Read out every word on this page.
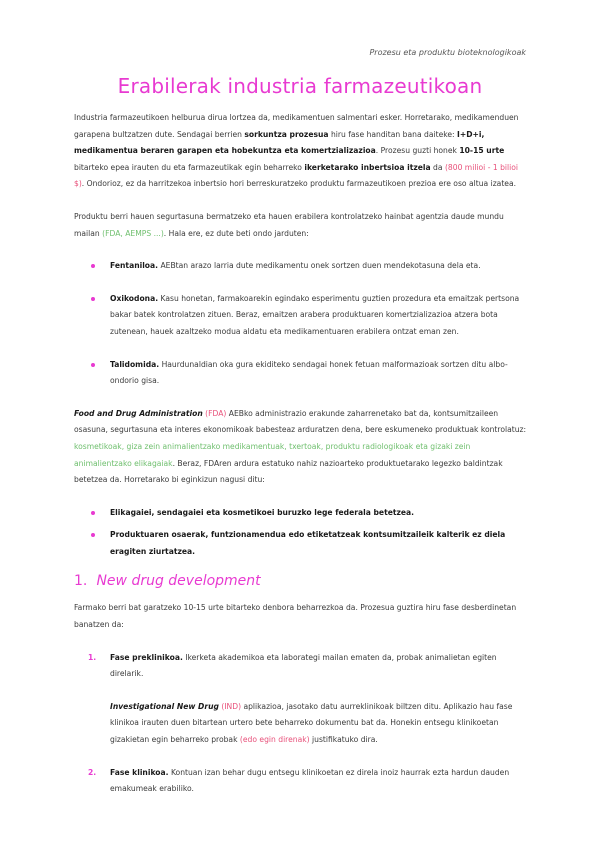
Prozesu eta produktu bioteknologikoak
Erabilerak industria farmazeutikoan

Industria farmazeutikoen helburua dirua lortzea da, medikamentuen salmentari esker. Horretarako, medikamenduen garapena bultzatzen dute. Sendagai berrien sorkuntza prozesua hiru fase handitan bana daiteke: I+D+i, medikamentua beraren garapen eta hobekuntza eta komertzializazioa. Prozesu guzti honek 10-15 urte bitarteko epea irauten du eta farmazeutikak egin beharreko ikerketarako inbertsioa itzela da (800 milioi - 1 bilioi $). Ondorioz, ez da harritzekoa inbertsio hori berreskuratzeko produktu farmazeutikoen prezioa ere oso altua izatea.

Produktu berri hauen segurtasuna bermatzeko eta hauen erabilera kontrolatzeko hainbat agentzia daude mundu mailan (FDA, AEMPS ...). Hala ere, ez dute beti ondo jarduten:

Fentaniloa. AEBtan arazo larria dute medikamentu onek sortzen duen mendekotasuna dela eta.

Oxikodona. Kasu honetan, farmakoarekin egindako esperimentu guztien prozedura eta emaitzak pertsona bakar batek kontrolatzen zituen. Beraz, emaitzen arabera produktuaren komertzializazioa atzera bota zutenean, hauek azaltzeko modua aldatu eta medikamentuaren erabilera ontzat eman zen.

Talidomida. Haurdunaldian oka gura ekiditeko sendagai honek fetuan malformazioak sortzen ditu albo-ondorio gisa.

Food and Drug Administration (FDA) AEBko administrazio erakunde zaharrenetako bat da, kontsumitzaileen osasuna, segurtasuna eta interes ekonomikoak babesteaz arduratzen dena, bere eskumeneko produktuak kontrolatuz: kosmetikoak, giza zein animalientzako medikamentuak, txertoak, produktu radiologikoak eta gizaki zein animalientzako elikagaiak. Beraz, FDAren ardura estatuko nahiz nazioarteko produktuetarako legezko baldintzak betetzea da. Horretarako bi eginkizun nagusi ditu:

Elikagaiei, sendagaiei eta kosmetikoei buruzko lege federala betetzea.

Produktuaren osaerak, funtzionamendua edo etiketatzeak kontsumitzaileik kalterik ez diela eragiten ziurtatzea.

1. New drug development

Farmako berri bat garatzeko 10-15 urte bitarteko denbora beharrezkoa da. Prozesua guztira hiru fase desberdinetan banatzen da:

1. Fase preklinikoa. Ikerketa akademikoa eta laborategi mailan ematen da, probak animalietan egiten direlarik.

Investigational New Drug (IND) aplikazioa, jasotako datu aurreklinikoak biltzen ditu. Aplikazio hau fase klinikoa irauten duen bitartean urtero bete beharreko dokumentu bat da. Honekin entsegu klinikoetan gizakietan egin beharreko probak (edo egin direnak) justifikatuko dira.

2. Fase klinikoa. Kontuan izan behar dugu entsegu klinikoetan ez direla inoiz haurrak ezta hardun dauden emakumeak erabiliko.
